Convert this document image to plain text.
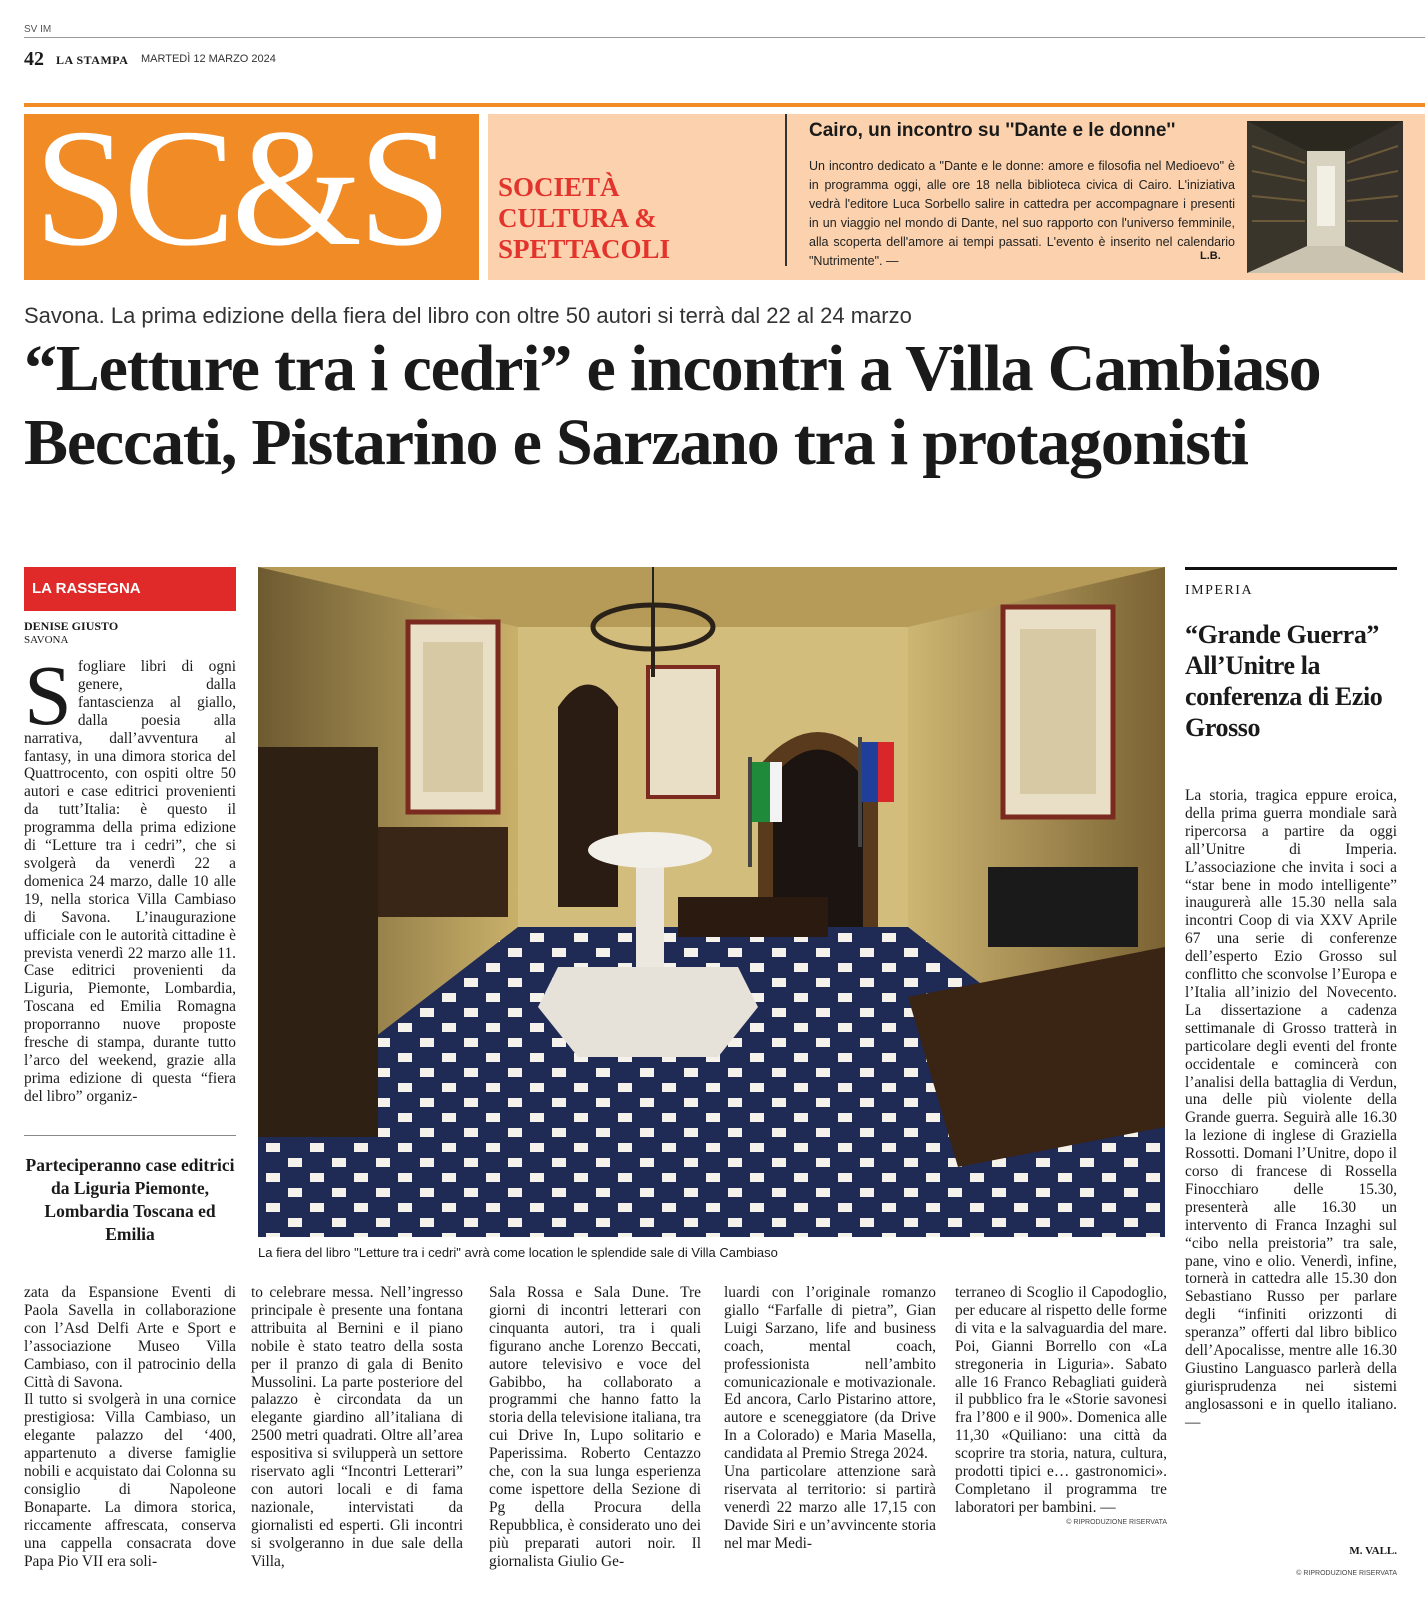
SV IM
42 LA STAMPA MARTEDÌ 12 MARZO 2024
SC&S SOCIETÀ
CULTURA &
SPETTACOLI
Cairo, un incontro su ''Dante e le donne''
Un incontro dedicato a "Dante e le donne: amore e filosofia nel Medioevo" è in programma oggi, alle ore 18 nella biblioteca civica di Cairo. L'iniziativa vedrà l'editore Luca Sorbello salire in cattedra per accompagnare i presenti in un viaggio nel mondo di Dante, nel suo rapporto con l'universo femminile, alla scoperta dell'amore ai tempi passati. L'evento è inserito nel calendario "Nutrimente". —	L.B.
Savona. La prima edizione della fiera del libro con oltre 50 autori si terrà dal 22 al 24 marzo
“Letture tra i cedri” e incontri a Villa Cambiaso
Beccati, Pistarino e Sarzano tra i protagonisti
LA RASSEGNA
DENISE GIUSTO
SAVONA
Sfogliare libri di ogni genere, dalla fantascienza al giallo, dalla poesia alla narrativa, dall’avventura al fantasy, in una dimora storica del Quattrocento, con ospiti oltre 50 autori e case editrici provenienti da tutt’Italia: è questo il programma della prima edizione di “Letture tra i cedri”, che si svolgerà da venerdì 22 a domenica 24 marzo, dalle 10 alle 19, nella storica Villa Cambiaso di Savona. L’inaugurazione ufficiale con le autorità cittadine è prevista venerdì 22 marzo alle 11. Case editrici provenienti da Liguria, Piemonte, Lombardia, Toscana ed Emilia Romagna proporranno nuove proposte fresche di stampa, durante tutto l’arco del weekend, grazie alla prima edizione di questa “fiera del libro” organiz-
Parteciperanno case editrici da Liguria Piemonte, Lombardia Toscana ed Emilia
La fiera del libro "Letture tra i cedri" avrà come location le splendide sale di Villa Cambiaso
zata da Espansione Eventi di Paola Savella in collaborazione con l’Asd Delfi Arte e Sport e l’associazione Museo Villa Cambiaso, con il patrocinio della Città di Savona.
Il tutto si svolgerà in una cornice prestigiosa: Villa Cambiaso, un elegante palazzo del ‘400, appartenuto a diverse famiglie nobili e acquistato dai Colonna su consiglio di Napoleone Bonaparte. La dimora storica, riccamente affrescata, conserva una cappella consacrata dove Papa Pio VII era soli-
to celebrare messa. Nell’ingresso principale è presente una fontana attribuita al Bernini e il piano nobile è stato teatro della sosta per il pranzo di gala di Benito Mussolini. La parte posteriore del palazzo è circondata da un elegante giardino all’italiana di 2500 metri quadrati. Oltre all’area espositiva si svilupperà un settore riservato agli “Incontri Letterari” con autori locali e di fama nazionale, intervistati da giornalisti ed esperti. Gli incontri si svolgeranno in due sale della Villa,
Sala Rossa e Sala Dune. Tre giorni di incontri letterari con cinquanta autori, tra i quali figurano anche Lorenzo Beccati, autore televisivo e voce del Gabibbo, ha collaborato a programmi che hanno fatto la storia della televisione italiana, tra cui Drive In, Lupo solitario e Paperissima. Roberto Centazzo che, con la sua lunga esperienza come ispettore della Sezione di Pg della Procura della Repubblica, è considerato uno dei più preparati autori noir. Il giornalista Giulio Ge-
luardi con l’originale romanzo giallo “Farfalle di pietra”, Gian Luigi Sarzano, life and business coach, mental coach, professionista nell’ambito comunicazionale e motivazionale. Ed ancora, Carlo Pistarino attore, autore e sceneggiatore (da Drive In a Colorado) e Maria Masella, candidata al Premio Strega 2024.
Una particolare attenzione sarà riservata al territorio: si partirà venerdì 22 marzo alle 17,15 con Davide Siri e un’avvincente storia nel mar Medi-
terraneo di Scoglio il Capodoglio, per educare al rispetto delle forme di vita e la salvaguardia del mare. Poi, Gianni Borrello con «La stregoneria in Liguria». Sabato alle 16 Franco Rebagliati guiderà il pubblico fra le «Storie savonesi fra l’800 e il 900». Domenica alle 11,30 «Quiliano: una città da scoprire tra storia, natura, cultura, prodotti tipici e… gastronomici». Completano il programma tre laboratori per bambini. —
© RIPRODUZIONE RISERVATA
IMPERIA
“Grande Guerra” All’Unitre la conferenza di Ezio Grosso
La storia, tragica eppure eroica, della prima guerra mondiale sarà ripercorsa a partire da oggi all’Unitre di Imperia. L’associazione che invita i soci a “star bene in modo intelligente” inaugurerà alle 15.30 nella sala incontri Coop di via XXV Aprile 67 una serie di conferenze dell’esperto Ezio Grosso sul conflitto che sconvolse l’Europa e l’Italia all’inizio del Novecento. La dissertazione a cadenza settimanale di Grosso tratterà in particolare degli eventi del fronte occidentale e comincerà con l’analisi della battaglia di Verdun, una delle più violente della Grande guerra. Seguirà alle 16.30 la lezione di inglese di Graziella Rossotti. Domani l’Unitre, dopo il corso di francese di Rossella Finocchiaro delle 15.30, presenterà alle 16.30 un intervento di Franca Inzaghi sul “cibo nella preistoria” tra sale, pane, vino e olio. Venerdì, infine, tornerà in cattedra alle 15.30 don Sebastiano Russo per parlare degli “infiniti orizzonti di speranza” offerti dal libro biblico dell’Apocalisse, mentre alle 16.30 Giustino Languasco parlerà della giurisprudenza nei sistemi anglosassoni e in quello italiano. —
M. VALL.
© RIPRODUZIONE RISERVATA
